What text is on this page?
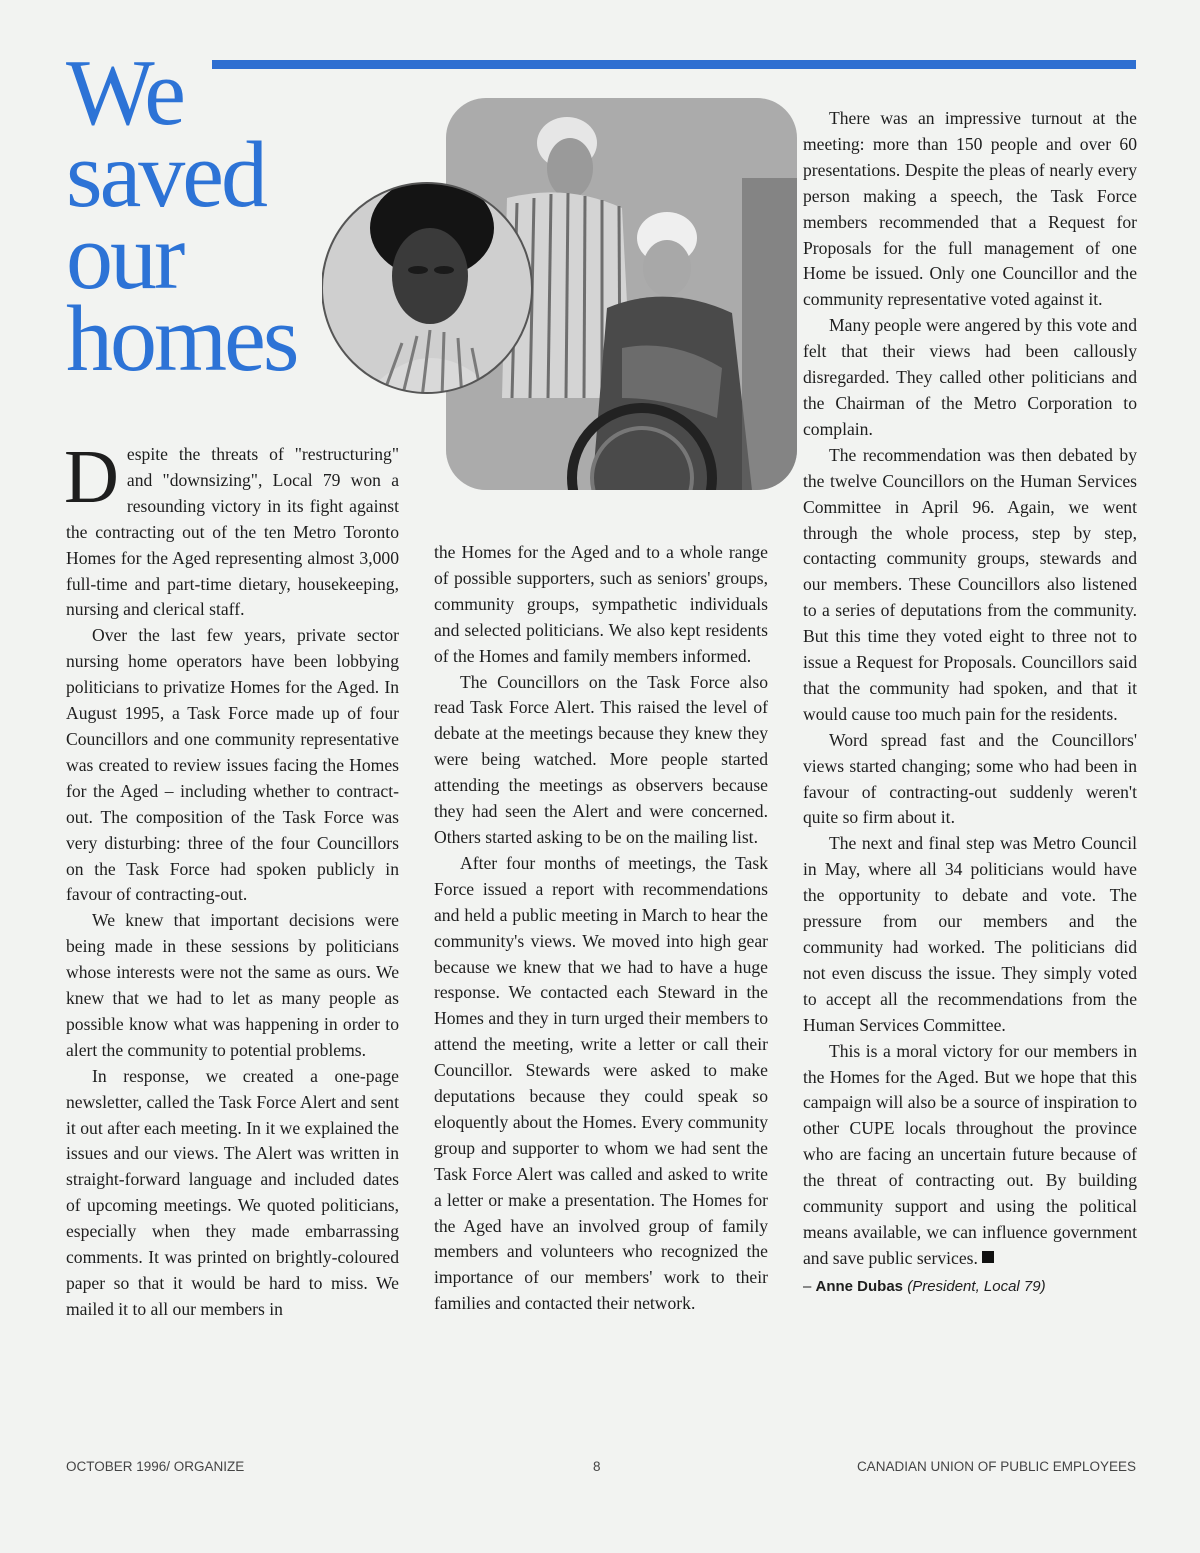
We
saved
our
homes

Despite the threats of "restructuring" and "downsizing", Local 79 won a resounding victory in its fight against the contracting out of the ten Metro Toronto Homes for the Aged representing almost 3,000 full-time and part-time dietary, housekeeping, nursing and clerical staff.

Over the last few years, private sector nursing home operators have been lobbying politicians to privatize Homes for the Aged. In August 1995, a Task Force made up of four Councillors and one community representative was created to review issues facing the Homes for the Aged – including whether to contract-out. The composition of the Task Force was very disturbing: three of the four Councillors on the Task Force had spoken publicly in favour of contracting-out.

We knew that important decisions were being made in these sessions by politicians whose interests were not the same as ours. We knew that we had to let as many people as possible know what was happening in order to alert the community to potential problems.

In response, we created a one-page newsletter, called the Task Force Alert and sent it out after each meeting. In it we explained the issues and our views. The Alert was written in straight-forward language and included dates of upcoming meetings. We quoted politicians, especially when they made embarrassing comments. It was printed on brightly-coloured paper so that it would be hard to miss. We mailed it to all our members in

the Homes for the Aged and to a whole range of possible supporters, such as seniors' groups, community groups, sympathetic individuals and selected politicians. We also kept residents of the Homes and family members informed.

The Councillors on the Task Force also read Task Force Alert. This raised the level of debate at the meetings because they knew they were being watched. More people started attending the meetings as observers because they had seen the Alert and were concerned. Others started asking to be on the mailing list.

After four months of meetings, the Task Force issued a report with recommendations and held a public meeting in March to hear the community's views. We moved into high gear because we knew that we had to have a huge response. We contacted each Steward in the Homes and they in turn urged their members to attend the meeting, write a letter or call their Councillor. Stewards were asked to make deputations because they could speak so eloquently about the Homes. Every community group and supporter to whom we had sent the Task Force Alert was called and asked to write a letter or make a presentation. The Homes for the Aged have an involved group of family members and volunteers who recognized the importance of our members' work to their families and contacted their network.

There was an impressive turnout at the meeting: more than 150 people and over 60 presentations. Despite the pleas of nearly every person making a speech, the Task Force members recommended that a Request for Proposals for the full management of one Home be issued. Only one Councillor and the community representative voted against it.

Many people were angered by this vote and felt that their views had been callously disregarded. They called other politicians and the Chairman of the Metro Corporation to complain.

The recommendation was then debated by the twelve Councillors on the Human Services Committee in April 96. Again, we went through the whole process, step by step, contacting community groups, stewards and our members. These Councillors also listened to a series of deputations from the community. But this time they voted eight to three not to issue a Request for Proposals. Councillors said that the community had spoken, and that it would cause too much pain for the residents.

Word spread fast and the Councillors' views started changing; some who had been in favour of contracting-out suddenly weren't quite so firm about it.

The next and final step was Metro Council in May, where all 34 politicians would have the opportunity to debate and vote. The pressure from our members and the community had worked. The politicians did not even discuss the issue. They simply voted to accept all the recommendations from the Human Services Committee.

This is a moral victory for our members in the Homes for the Aged. But we hope that this campaign will also be a source of inspiration to other CUPE locals throughout the province who are facing an uncertain future because of the threat of contracting out. By building community support and using the political means available, we can influence government and save public services.

– Anne Dubas (President, Local 79)

OCTOBER 1996/ ORGANIZE	8	CANADIAN UNION OF PUBLIC EMPLOYEES
